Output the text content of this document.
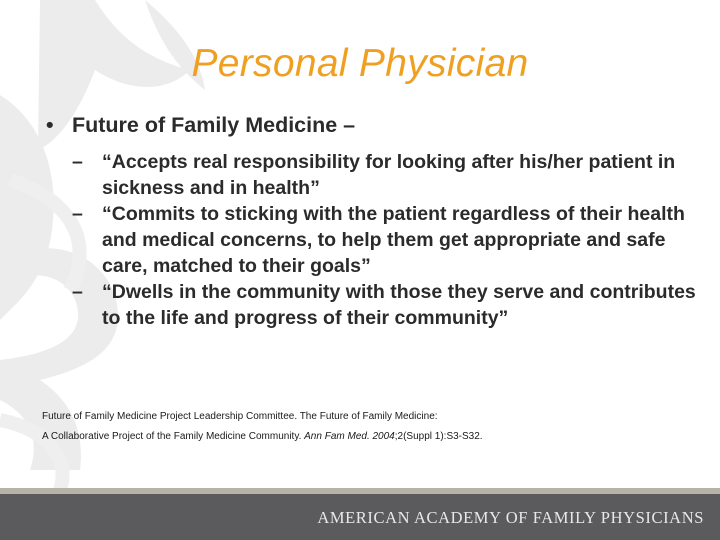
Personal Physician
• Future of Family Medicine –

– “Accepts real responsibility for looking after his/her patient in sickness and in health”

– “Commits to sticking with the patient regardless of their health and medical concerns, to help them get appropriate and safe care, matched to their goals”

– “Dwells in the community with those they serve and contributes to the life and progress of their community”

Future of Family Medicine Project Leadership Committee. The Future of Family Medicine:
A Collaborative Project of the Family Medicine Community. Ann Fam Med. 2004;2(Suppl 1):S3-S32.
AMERICAN ACADEMY OF FAMILY PHYSICIANS
